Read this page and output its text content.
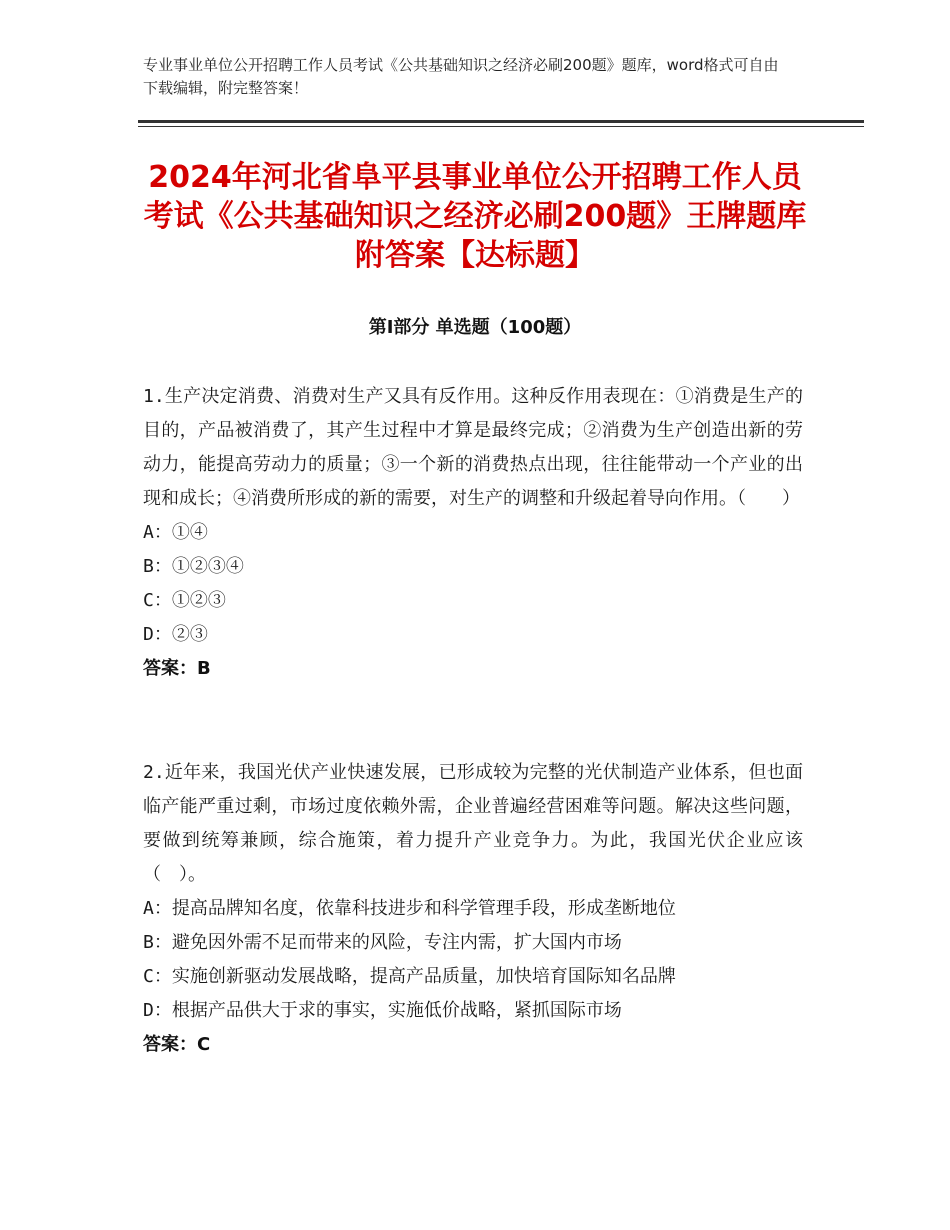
专业事业单位公开招聘工作人员考试《公共基础知识之经济必刷200题》题库，word格式可自由下载编辑，附完整答案！
2024年河北省阜平县事业单位公开招聘工作人员考试《公共基础知识之经济必刷200题》王牌题库附答案【达标题】
第Ⅰ部分 单选题（100题）

1.生产决定消费、消费对生产又具有反作用。这种反作用表现在：①消费是生产的目的，产品被消费了，其产生过程中才算是最终完成；②消费为生产创造出新的劳动力，能提高劳动力的质量；③一个新的消费热点出现，往往能带动一个产业的出现和成长；④消费所形成的新的需要，对生产的调整和升级起着导向作用。（　　）

A：①④

B：①②③④

C：①②③

D：②③

答案：B

2.近年来，我国光伏产业快速发展，已形成较为完整的光伏制造产业体系，但也面临产能严重过剩，市场过度依赖外需，企业普遍经营困难等问题。解决这些问题，要做到统筹兼顾，综合施策，着力提升产业竞争力。为此，我国光伏企业应该（　）。

A：提高品牌知名度，依靠科技进步和科学管理手段，形成垄断地位

B：避免因外需不足而带来的风险，专注内需，扩大国内市场

C：实施创新驱动发展战略，提高产品质量，加快培育国际知名品牌

D：根据产品供大于求的事实，实施低价战略，紧抓国际市场

答案：C
